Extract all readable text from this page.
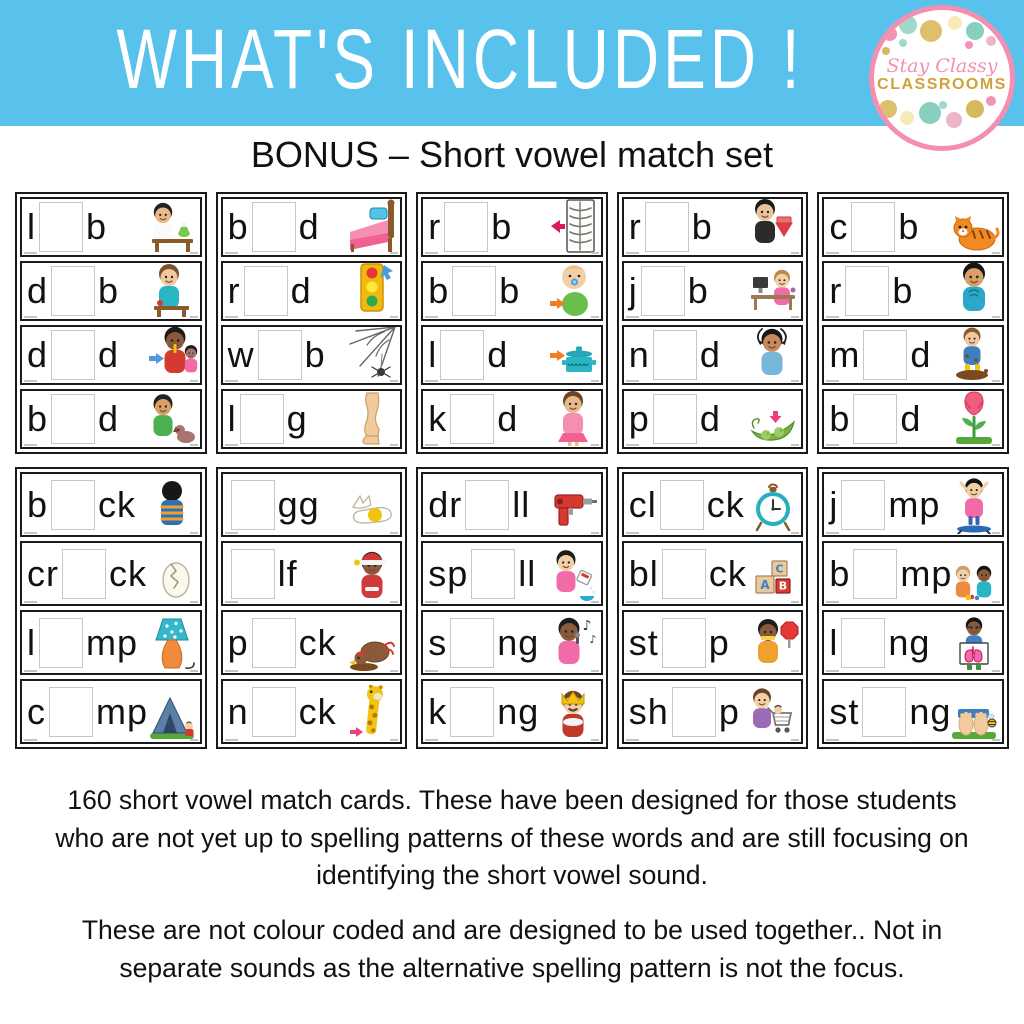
WHAT'S INCLUDED !	Stay Classy
CLASSROOMS
BONUS – Short vowel match set
l b
d b
d d
b d
b d
r d
w b
l g
r b
b b
l d
k d
r b
j b
n d
p d
c b
r b
m d
b d
b ck
cr ck
l mp
c mp
gg
lf
p ck
n ck
dr ll
sp ll
s ng	♪
♪
k ng
cl ck
bl ck	C
A B
st p
sh p
j mp
b mp
l ng
st ng

160 short vowel match cards. These have been designed for those students who are not yet up to spelling patterns of these words and are still focusing on identifying the short vowel sound.

These are not colour coded and are designed to be used together.. Not in separate sounds as the alternative spelling pattern is not the focus.
